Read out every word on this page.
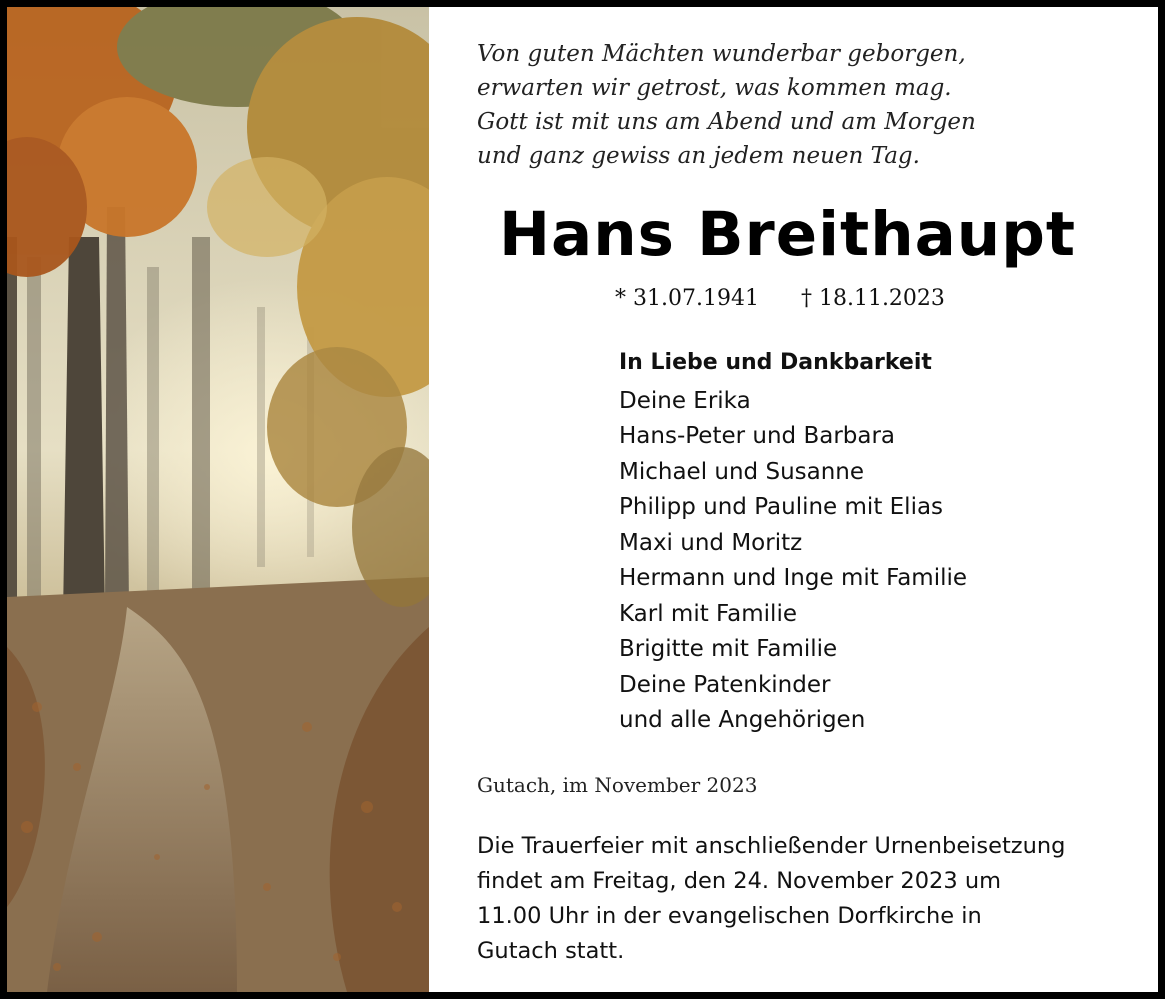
Von guten Mächten wunderbar geborgen,
erwarten wir getrost, was kommen mag.
Gott ist mit uns am Abend und am Morgen
und ganz gewiss an jedem neuen Tag.
Hans Breithaupt
* 31.07.1941 † 18.11.2023
In Liebe und Dankbarkeit
Deine Erika
Hans-Peter und Barbara
Michael und Susanne
Philipp und Pauline mit Elias
Maxi und Moritz
Hermann und Inge mit Familie
Karl mit Familie
Brigitte mit Familie
Deine Patenkinder
und alle Angehörigen
Gutach, im November 2023
Die Trauerfeier mit anschließender Urnenbeisetzung
findet am Freitag, den 24. November 2023 um
11.00 Uhr in der evangelischen Dorfkirche in
Gutach statt.
